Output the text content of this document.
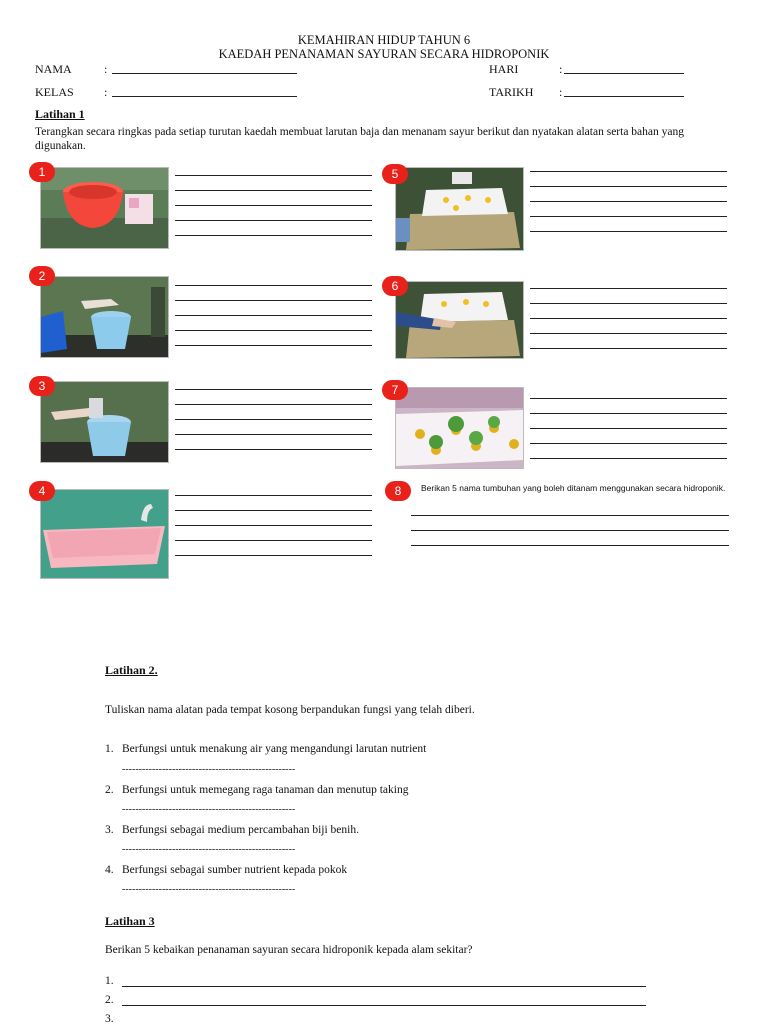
KEMAHIRAN HIDUP TAHUN 6
KAEDAH PENANAMAN SAYURAN SECARA HIDROPONIK
NAMA	:
KELAS	:
HARI	:
TARIKH :
Latihan 1
Terangkan secara ringkas pada setiap turutan kaedah membuat larutan baja dan menanam sayur berikut dan nyatakan alatan serta bahan yang digunakan.
1
2
3
4
5
6
7
8	Berikan 5 nama tumbuhan yang boleh ditanam menggunakan secara hidroponik.
Latihan 2.
Tuliskan nama alatan pada tempat kosong berpandukan fungsi yang telah diberi.
1. Berfungsi untuk menakung air yang mengandungi larutan nutrient
----------------------------------------------------
2. Berfungsi untuk memegang raga tanaman dan menutup taking
----------------------------------------------------
3. Berfungsi sebagai medium percambahan biji benih.
----------------------------------------------------
4. Berfungsi sebagai sumber nutrient kepada pokok
----------------------------------------------------
Latihan 3
Berikan 5 kebaikan penanaman sayuran secara hidroponik kepada alam sekitar?
1.
2.
3.
